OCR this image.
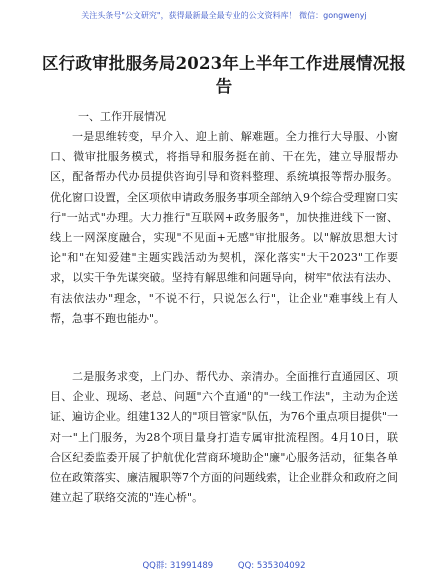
关注头条号"公文研究"，获得最新最全最专业的公文资料库！ 微信：gongwenyj
区行政审批服务局2023年上半年工作进展情况报告
一、工作开展情况
一是思维转变，早介入、迎上前、解难题。全力推行大导服、小窗口、微审批服务模式，将指导和服务挺在前、干在先，建立导服帮办区，配备帮办代办员提供咨询引导和资料整理、系统填报等帮办服务。优化窗口设置，全区项依申请政务服务事项全部纳入9个综合受理窗口实行"一站式"办理。大力推行"互联网+政务服务"，加快推进线下一窗、线上一网深度融合，实现"不见面+无感"审批服务。以"解放思想大讨论"和"在知爱建"主题实践活动为契机，深化落实"大干2023"工作要求，以实干争先谋突破。坚持有解思维和问题导向，树牢"依法有法办、有法依法办"理念，"不说不行，只说怎么行"，让企业"难事线上有人帮，急事不跑也能办"。
二是服务求变，上门办、帮代办、亲清办。全面推行直通园区、项目、企业、现场、老总、问题"六个直通"的"一线工作法"，主动为企送证、遍访企业。组建132人的"项目管家"队伍，为76个重点项目提供"一对一"上门服务，为28个项目量身打造专属审批流程图。4月10日，联合区纪委监委开展了护航优化营商环境助企"廉"心服务活动，征集各单位在政策落实、廉洁履职等7个方面的问题线索，让企业群众和政府之间建立起了联络交流的"连心桥"。
QQ群: 31991489	QQ: 535304092
